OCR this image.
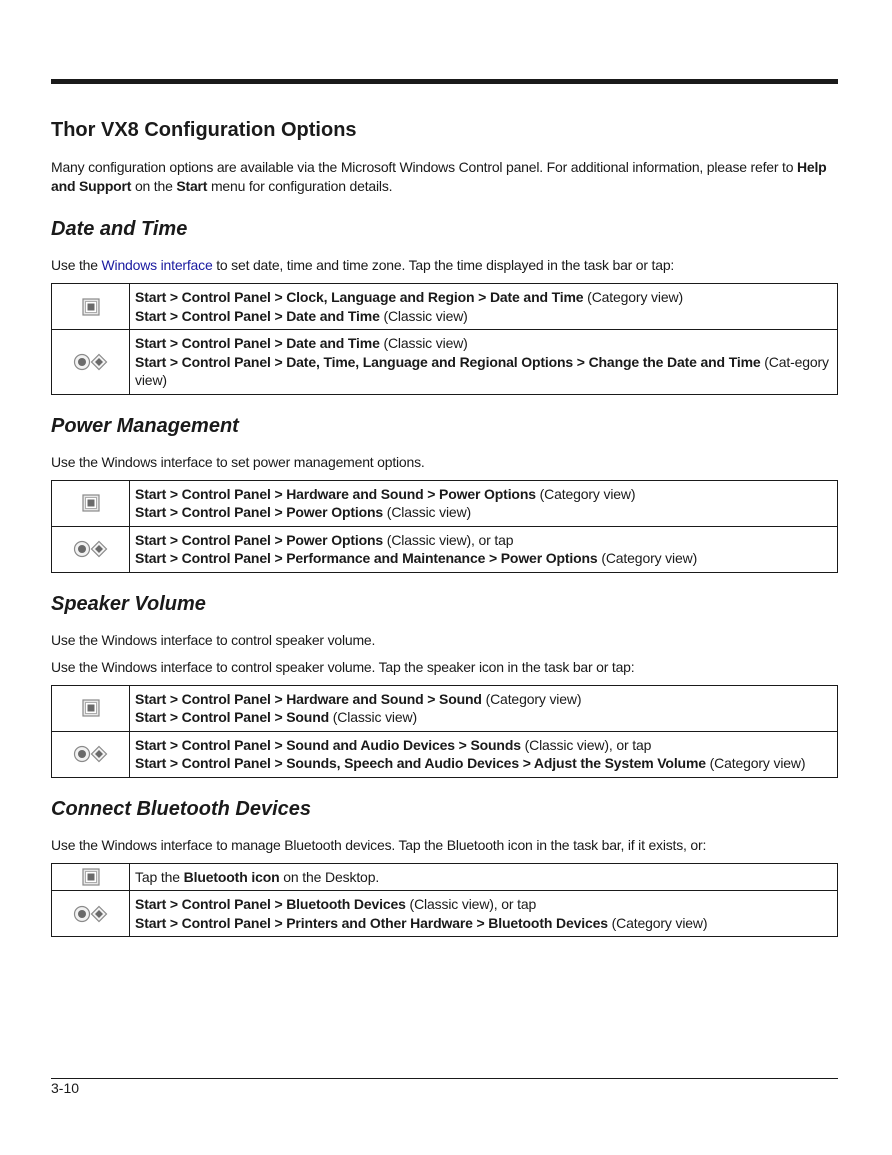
Thor VX8 Configuration Options

Many configuration options are available via the Microsoft Windows Control panel. For additional information, please refer to Help and Support on the Start menu for configuration details.

Date and Time

Use the Windows interface to set date, time and time zone. Tap the time displayed in the task bar or tap:

Start > Control Panel > Clock, Language and Region > Date and Time (Category view)
Start > Control Panel > Date and Time (Classic view)

Start > Control Panel > Date and Time (Classic view)
Start > Control Panel > Date, Time, Language and Regional Options > Change the Date and Time (Cat-egory view)
Power Management

Use the Windows interface to set power management options.

Start > Control Panel > Hardware and Sound > Power Options (Category view)
Start > Control Panel > Power Options (Classic view)

Start > Control Panel > Power Options (Classic view), or tap
Start > Control Panel > Performance and Maintenance > Power Options (Category view)
Speaker Volume

Use the Windows interface to control speaker volume.

Use the Windows interface to control speaker volume. Tap the speaker icon in the task bar or tap:

Start > Control Panel > Hardware and Sound > Sound (Category view)
Start > Control Panel > Sound (Classic view)

Start > Control Panel > Sound and Audio Devices > Sounds (Classic view), or tap
Start > Control Panel > Sounds, Speech and Audio Devices > Adjust the System Volume (Category view)
Connect Bluetooth Devices

Use the Windows interface to manage Bluetooth devices. Tap the Bluetooth icon in the task bar, if it exists, or:

Tap the Bluetooth icon on the Desktop.

Start > Control Panel > Bluetooth Devices (Classic view), or tap
Start > Control Panel > Printers and Other Hardware > Bluetooth Devices (Category view)
3-10
